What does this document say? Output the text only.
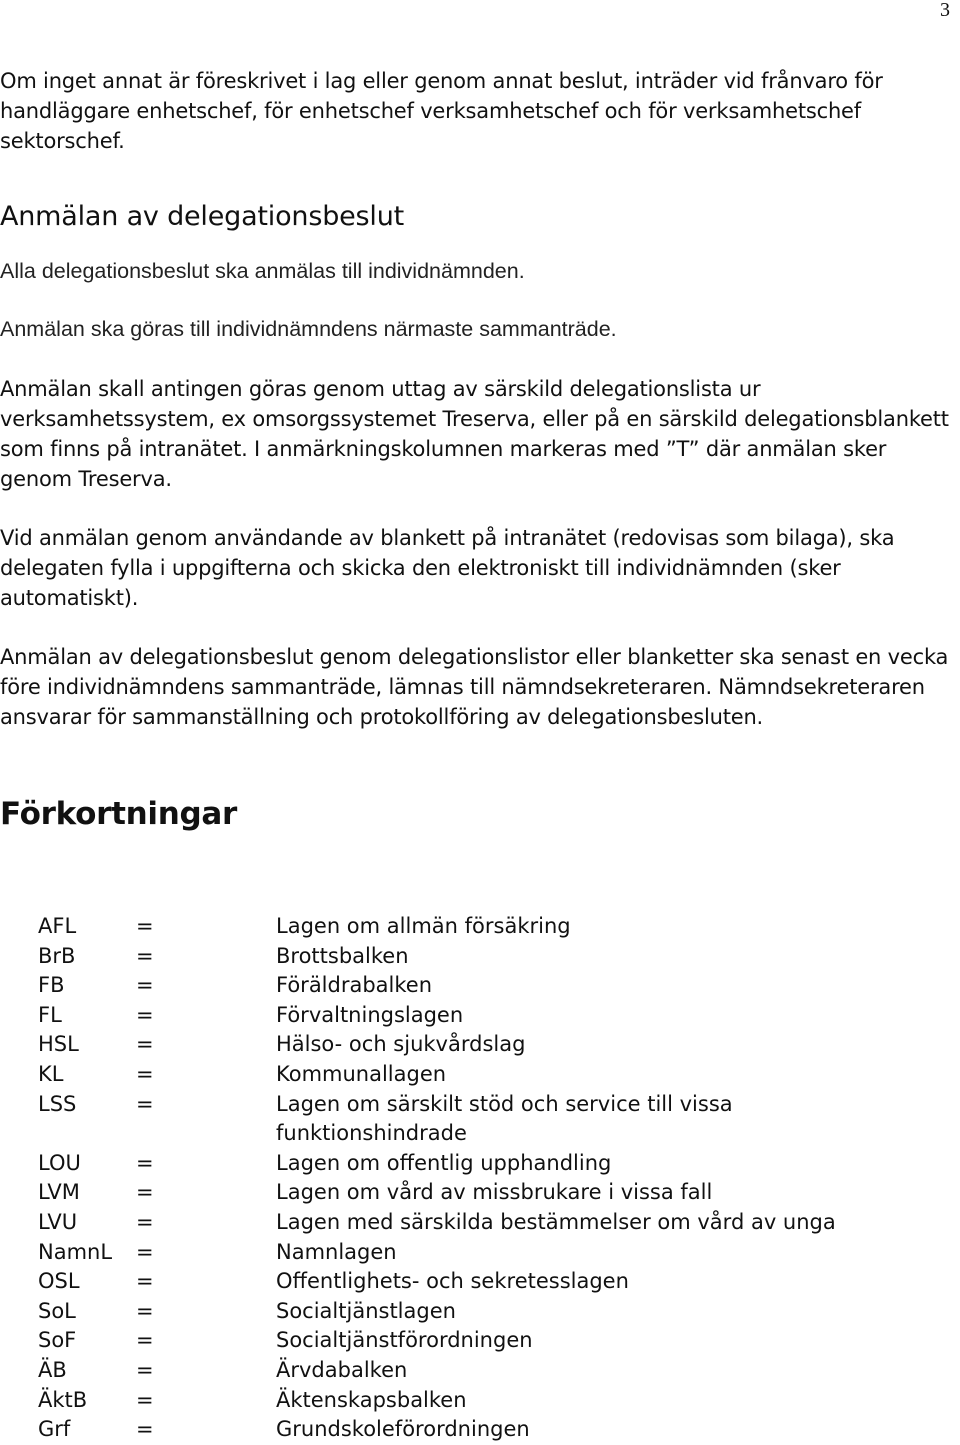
3

Om inget annat är föreskrivet i lag eller genom annat beslut, inträder vid frånvaro för handläggare enhetschef, för enhetschef verksamhetschef och för verksamhetschef sektorschef.

Anmälan av delegationsbeslut

Alla delegationsbeslut ska anmälas till individnämnden.

Anmälan ska göras till individnämndens närmaste sammanträde.

Anmälan skall antingen göras genom uttag av särskild delegationslista ur verksamhetssystem, ex omsorgssystemet Treserva, eller på en särskild delegationsblankett som finns på intranätet. I anmärkningskolumnen markeras med ”T” där anmälan sker genom Treserva.

Vid anmälan genom användande av blankett på intranätet (redovisas som bilaga), ska delegaten fylla i uppgifterna och skicka den elektroniskt till individnämnden (sker automatiskt).

Anmälan av delegationsbeslut genom delegationslistor eller blanketter ska senast en vecka före individnämndens sammanträde, lämnas till nämndsekreteraren. Nämndsekreteraren ansvarar för sammanställning och protokollföring av delegationsbesluten.

Förkortningar
AFL	=	Lagen om allmän försäkring
BrB	=	Brottsbalken
FB	=	Föräldrabalken
FL	=	Förvaltningslagen
HSL	=	Hälso- och sjukvårdslag
KL	=	Kommunallagen
LSS	=	Lagen om särskilt stöd och service till vissa
funktionshindrade
LOU	=	Lagen om offentlig upphandling
LVM	=	Lagen om vård av missbrukare i vissa fall
LVU	=	Lagen med särskilda bestämmelser om vård av unga
NamnL	=	Namnlagen
OSL	=	Offentlighets- och sekretesslagen
SoL	=	Socialtjänstlagen
SoF	=	Socialtjänstförordningen
ÄB	=	Ärvdabalken
ÄktB	=	Äktenskapsbalken
Grf	=	Grundskoleförordningen
